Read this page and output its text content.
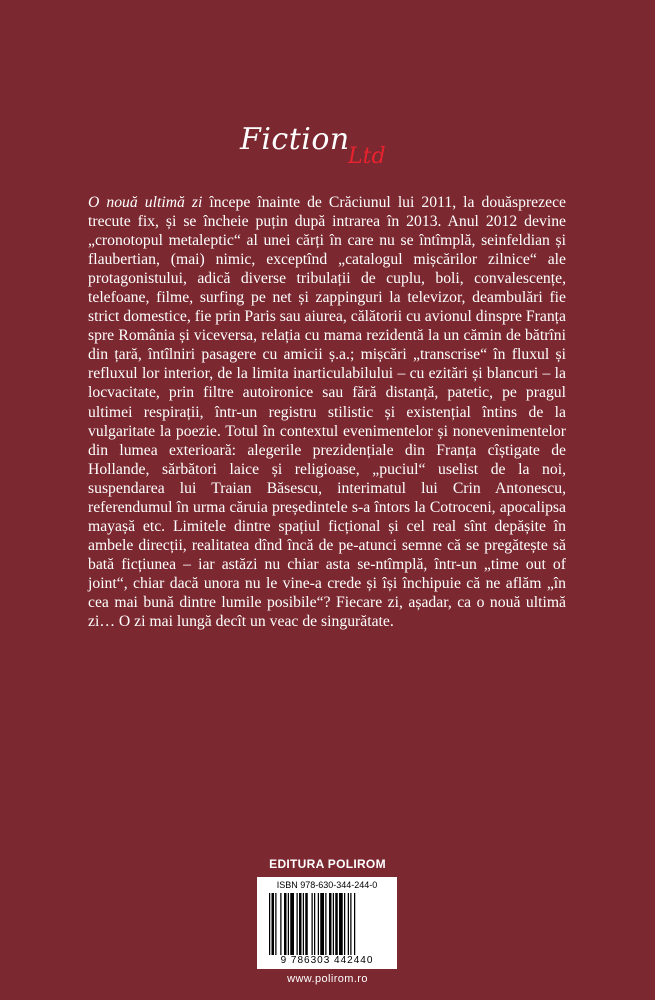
Fiction
Ltd

O nouă ultimă zi începe înainte de Crăciunul lui 2011, la douăsprezece trecute fix, și se încheie puțin după intrarea în 2013. Anul 2012 devine „cronotopul metaleptic“ al unei cărți în care nu se întîmplă, seinfeldian și flaubertian, (mai) nimic, exceptînd „catalogul mișcărilor zilnice“ ale protagonistului, adică diverse tribulații de cuplu, boli, convalescențe, telefoane, filme, surfing pe net și zappinguri la televizor, deambulări fie strict domestice, fie prin Paris sau aiurea, călătorii cu avionul dinspre Franța spre România și viceversa, relația cu mama rezidentă la un cămin de bătrîni din țară, întîlniri pasagere cu amicii ș.a.; mișcări „transcrise“ în fluxul și refluxul lor interior, de la limita inarticulabilului – cu ezitări și blancuri – la locvacitate, prin filtre autoironice sau fără distanță, patetic, pe pragul ultimei respirații, într-un registru stilistic și existențial întins de la vulgaritate la poezie. Totul în contextul evenimentelor și nonevenimentelor din lumea exterioară: alegerile prezidențiale din Franța cîștigate de Hollande, sărbători laice și religioase, „puciul“ uselist de la noi, suspendarea lui Traian Băsescu, interimatul lui Crin Antonescu, referendumul în urma căruia președintele s-a întors la Cotroceni, apocalipsa mayașă etc. Limitele dintre spațiul ficțional și cel real sînt depășite în ambele direcții, realitatea dînd încă de pe-atunci semne că se pregătește să bată ficțiunea – iar astăzi nu chiar asta se-ntîmplă, într-un „time out of joint“, chiar dacă unora nu le vine-a crede și își închipuie că ne aflăm „în cea mai bună dintre lumile posibile“? Fiecare zi, așadar, ca o nouă ultimă zi… O zi mai lungă decît un veac de singurătate.

EDITURA POLIROM
ISBN 978-630-344-244-0
9 786303 442440
www.polirom.ro
